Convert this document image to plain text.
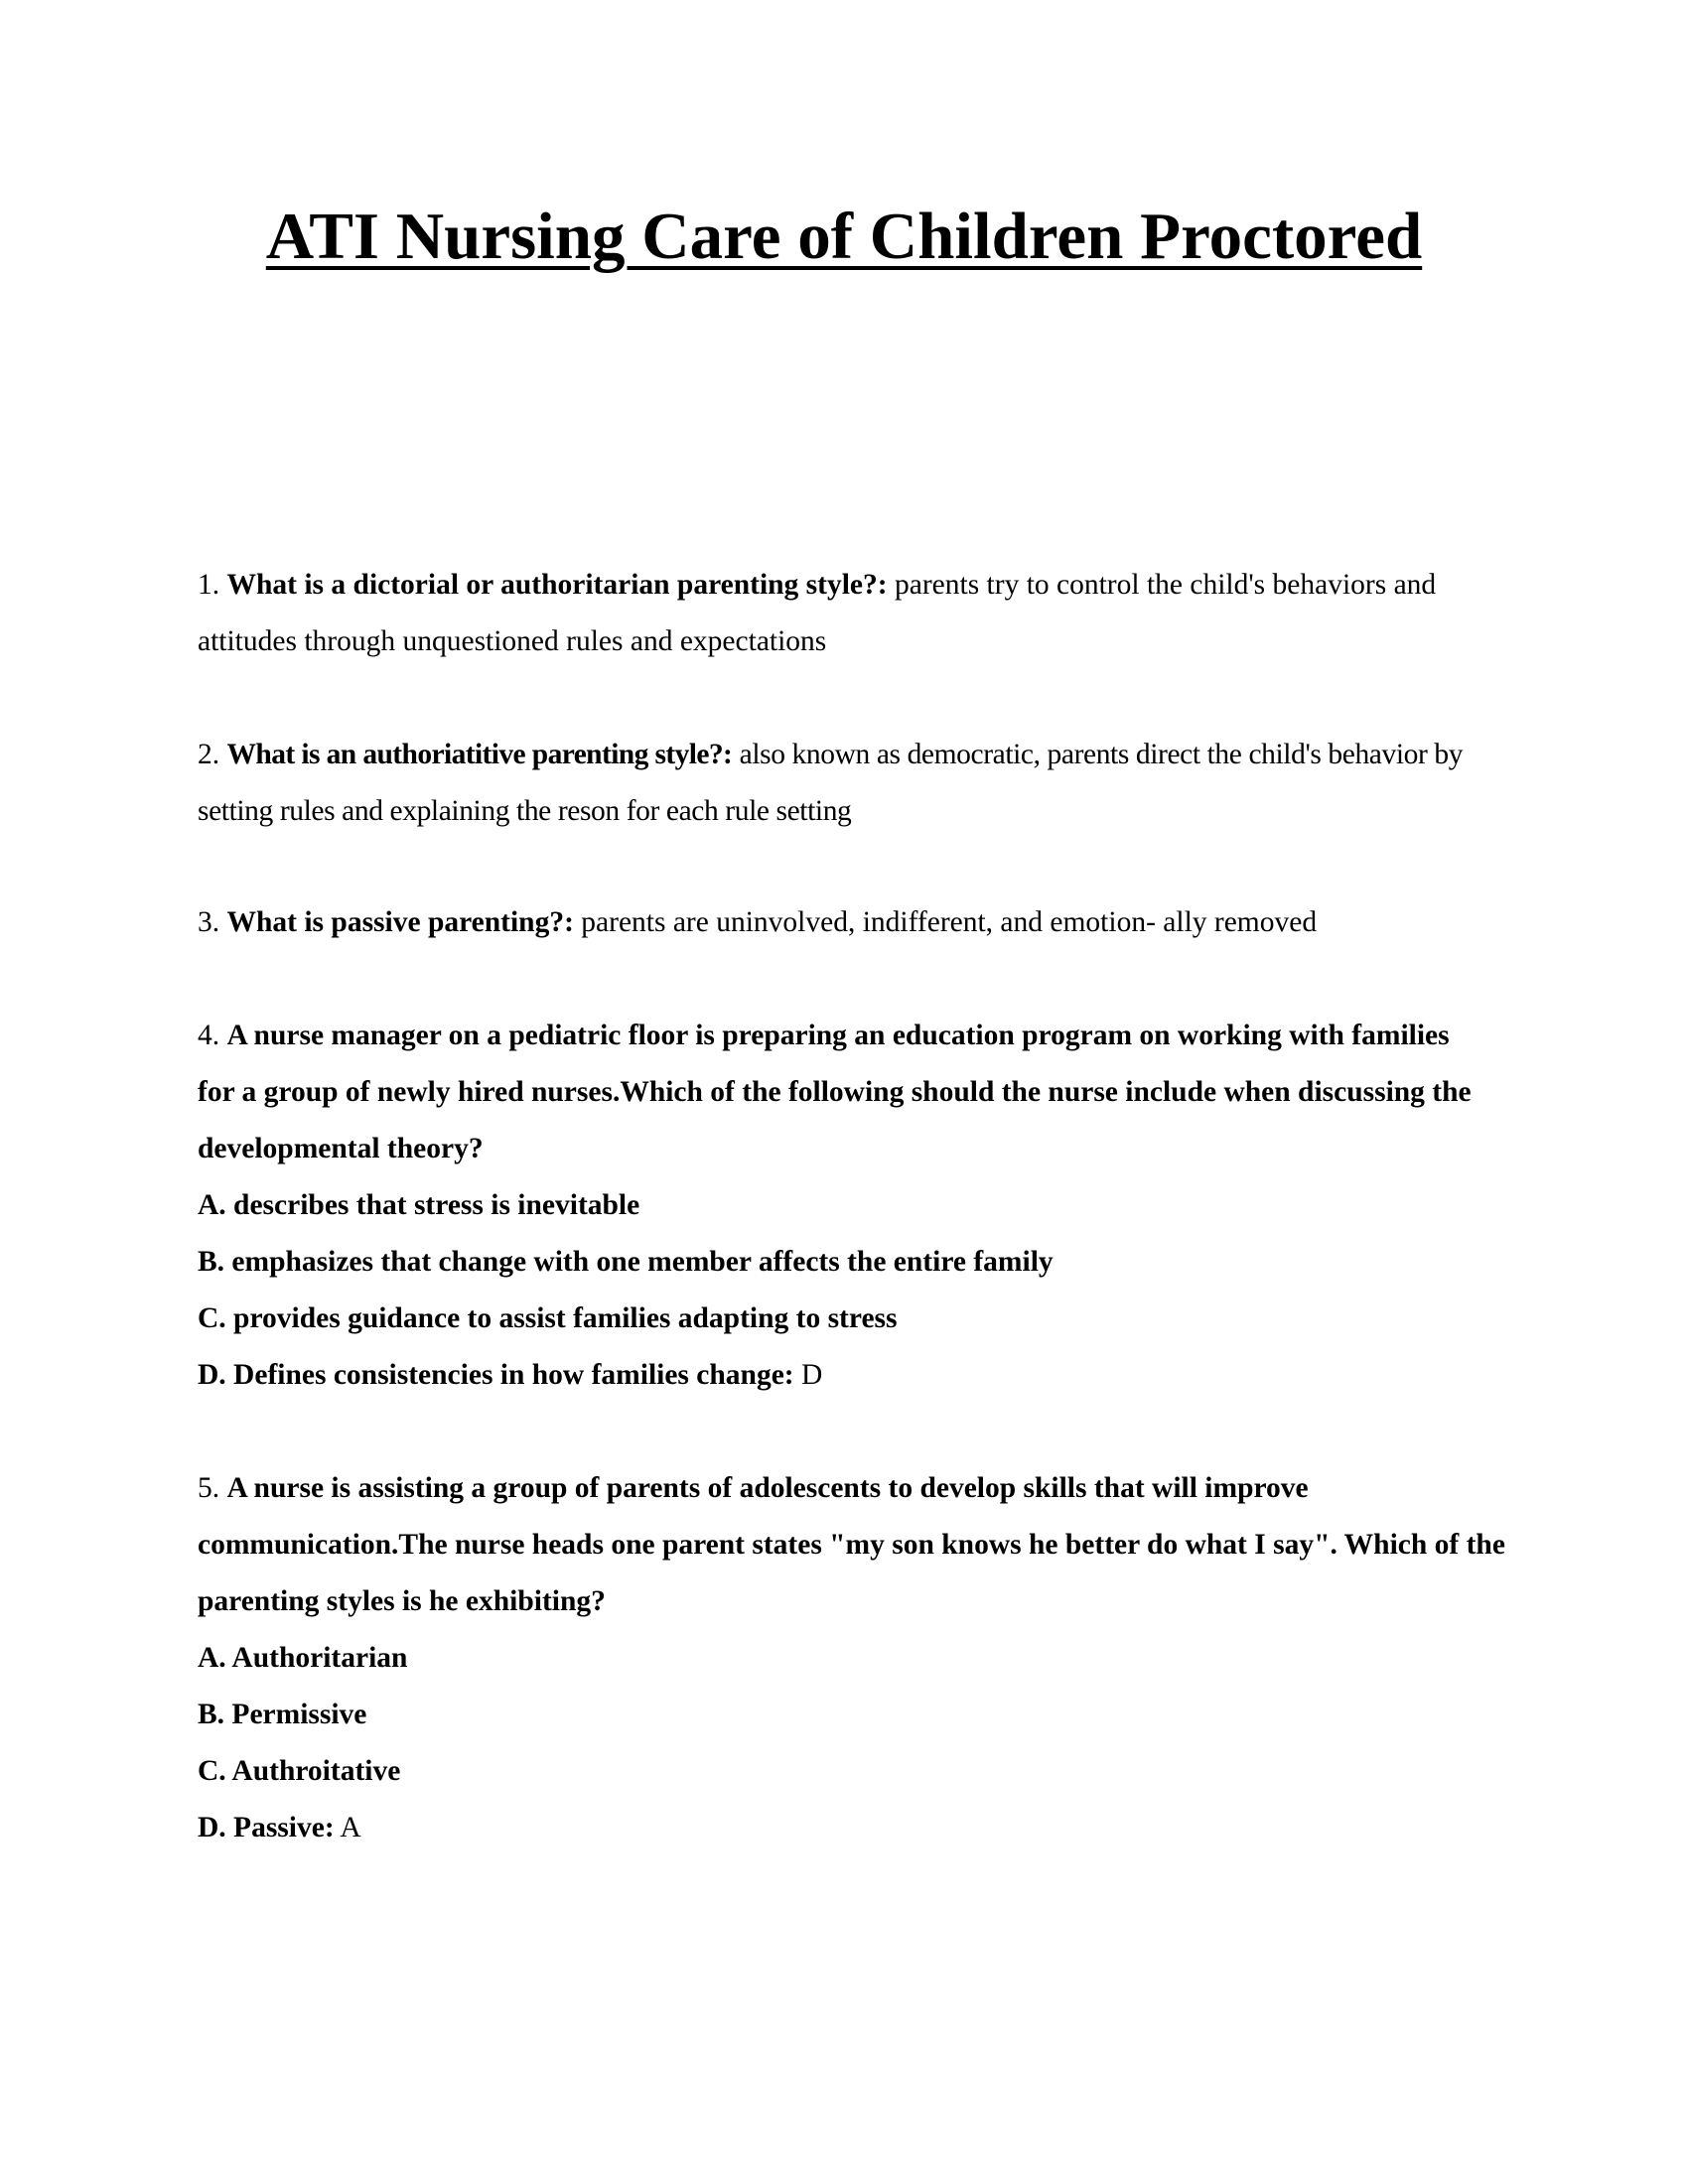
ATI Nursing Care of Children Proctored

1. What is a dictorial or authoritarian parenting style?: parents try to control the child's behaviors and attitudes through unquestioned rules and expectations

2. What is an authoriatitive parenting style?: also known as democratic, parents direct the child's behavior by setting rules and explaining the reson for each rule setting

3. What is passive parenting?: parents are uninvolved, indifferent, and emotion- ally removed

4. A nurse manager on a pediatric floor is preparing an education program on working with families for a group of newly hired nurses.Which of the following should the nurse include when discussing the developmental theory?

A. describes that stress is inevitable

B. emphasizes that change with one member affects the entire family

C. provides guidance to assist families adapting to stress

D. Defines consistencies in how families change: D

5. A nurse is assisting a group of parents of adolescents to develop skills that will improve communication.The nurse heads one parent states "my son knows he better do what I say". Which of the parenting styles is he exhibiting?

A. Authoritarian

B. Permissive

C. Authroitative

D. Passive: A
